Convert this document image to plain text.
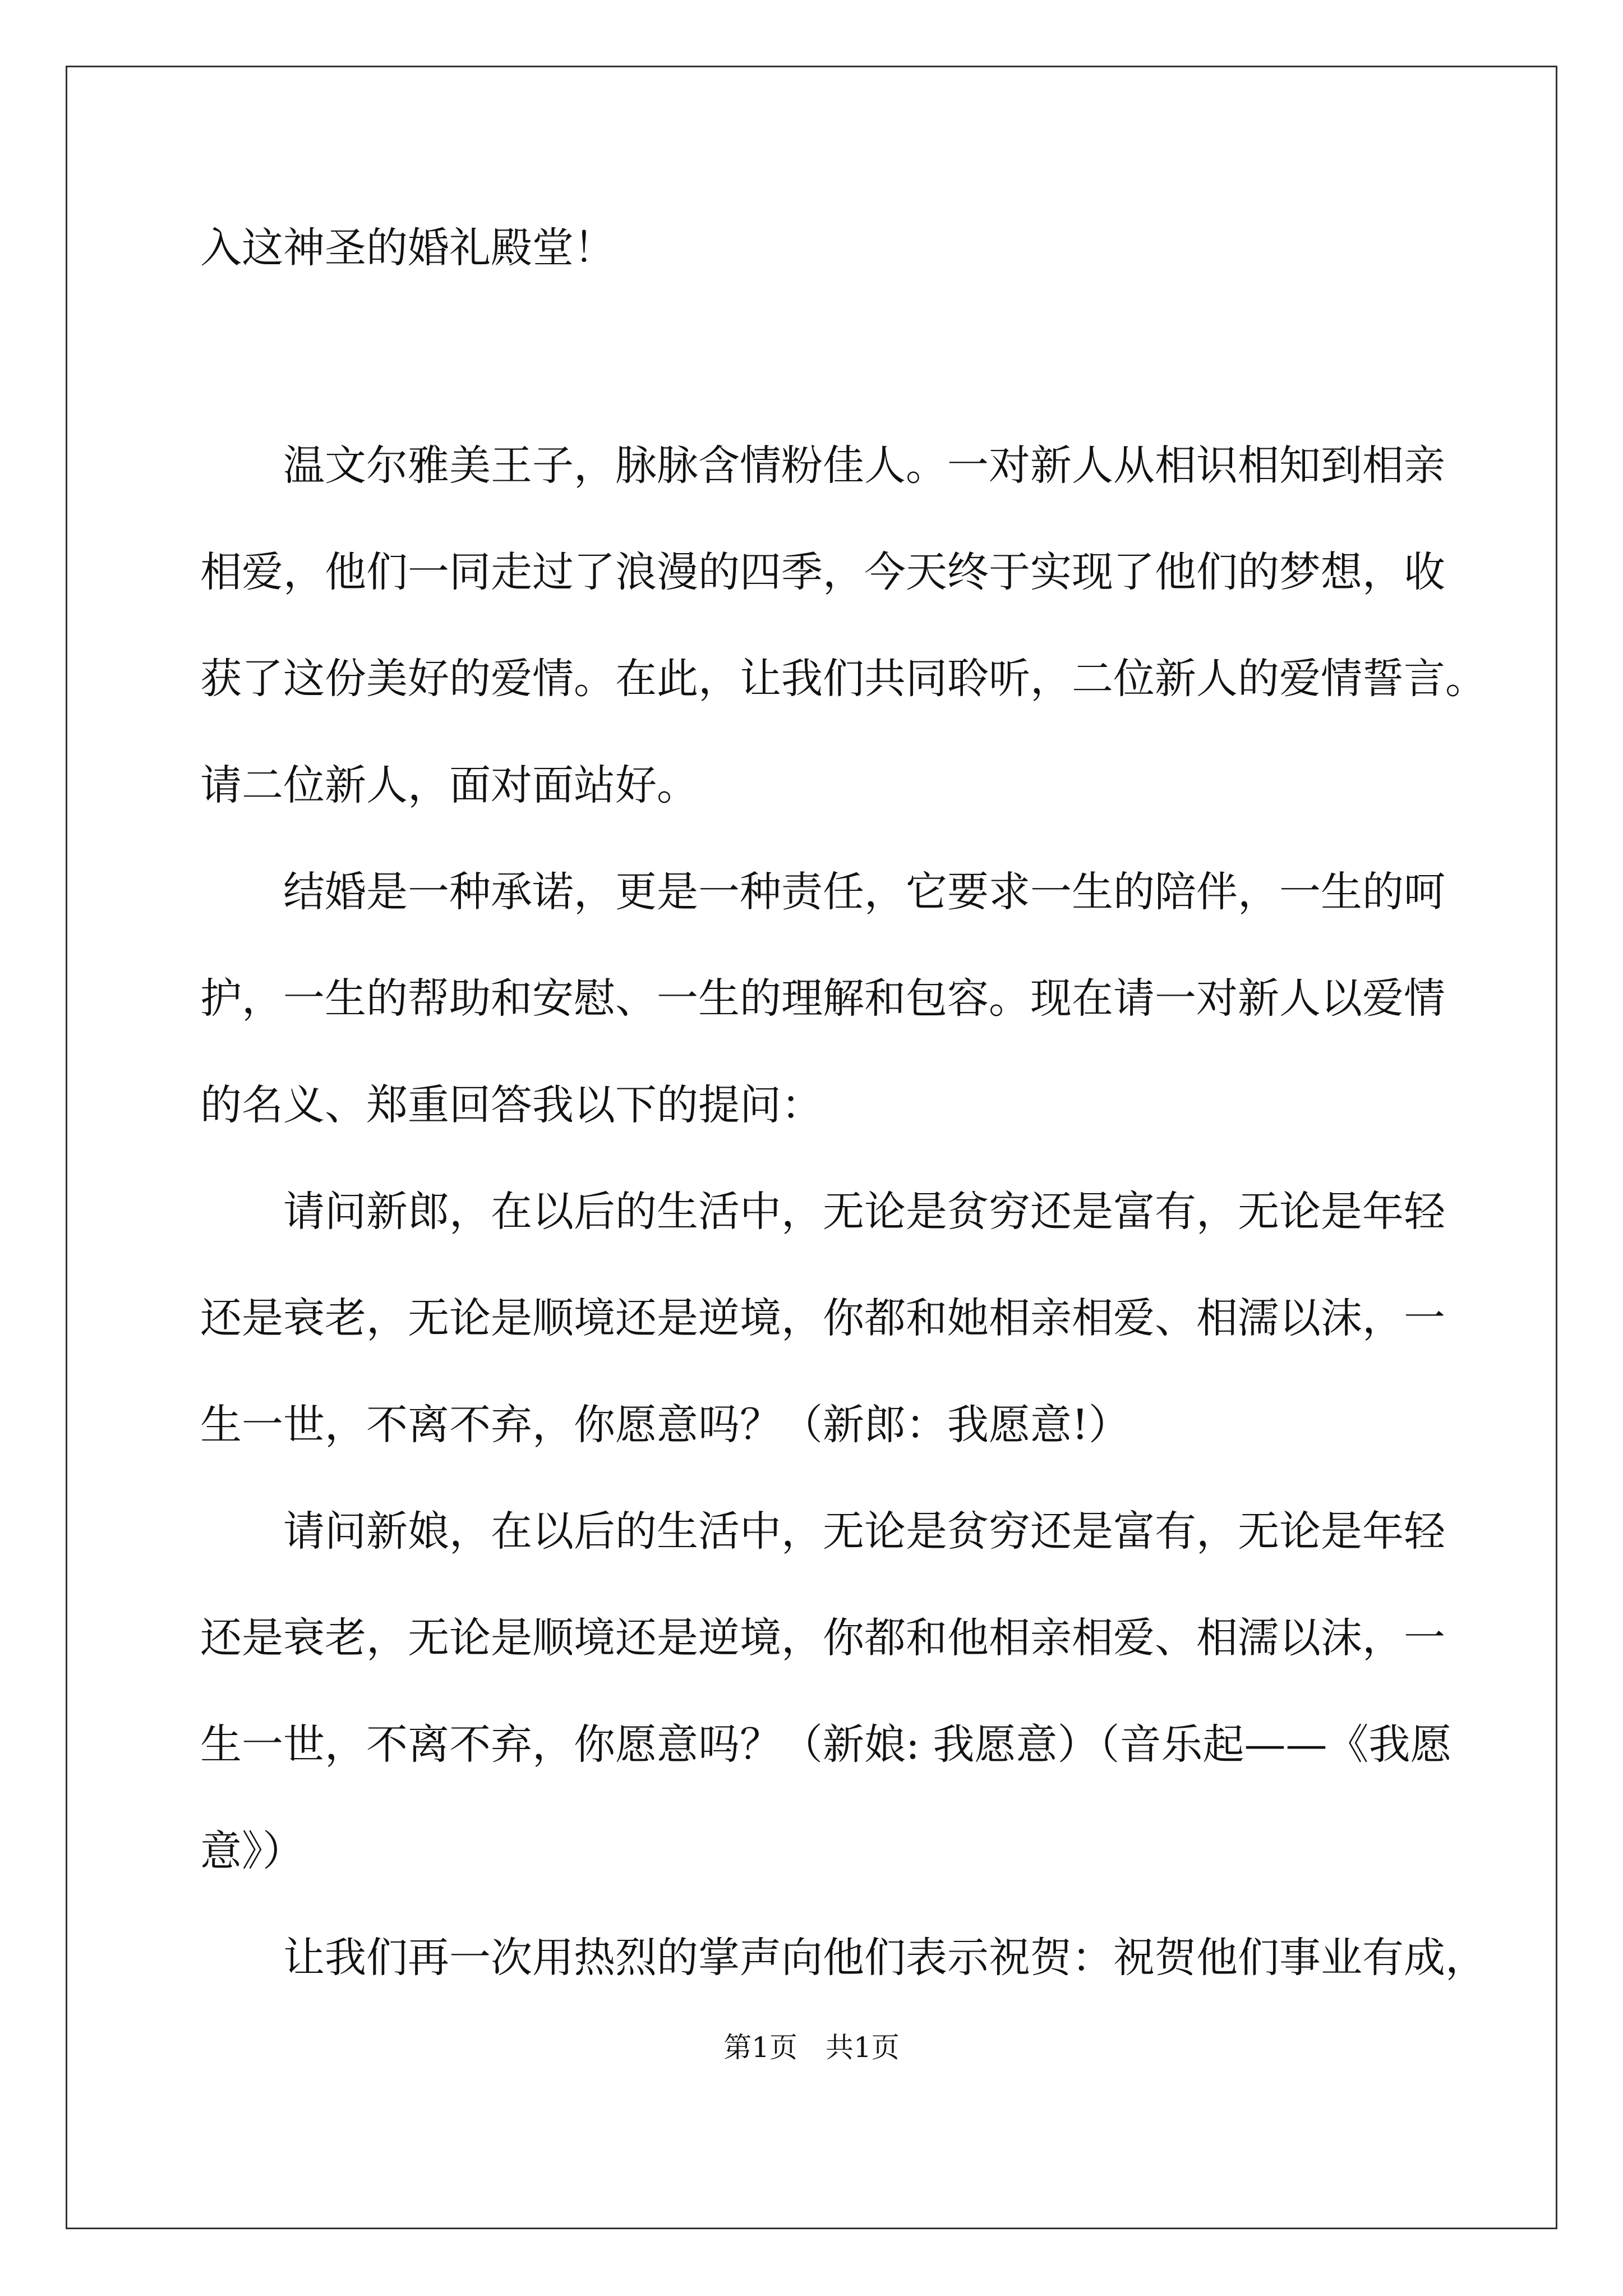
入这神圣的婚礼殿堂！
温文尔雅美王子，脉脉含情粉佳人。一对新人从相识相知到相亲
相爱，他们一同走过了浪漫的四季，今天终于实现了他们的梦想，收
获了这份美好的爱情。在此，让我们共同聆听，二位新人的爱情誓言。
请二位新人，面对面站好。
结婚是一种承诺，更是一种责任，它要求一生的陪伴，一生的呵
护，一生的帮助和安慰、一生的理解和包容。现在请一对新人以爱情
的名义、郑重回答我以下的提问：
请问新郎，在以后的生活中，无论是贫穷还是富有，无论是年轻
还是衰老，无论是顺境还是逆境，你都和她相亲相爱、相濡以沫，一
生一世，不离不弃，你愿意吗？（新郎：我愿意!）
请问新娘，在以后的生活中，无论是贫穷还是富有，无论是年轻
还是衰老，无论是顺境还是逆境，你都和他相亲相爱、相濡以沫，一
生一世，不离不弃，你愿意吗？（新娘: 我愿意）（音乐起——《我愿
意》）
让我们再一次用热烈的掌声向他们表示祝贺：祝贺他们事业有成，
第1页 共1页
